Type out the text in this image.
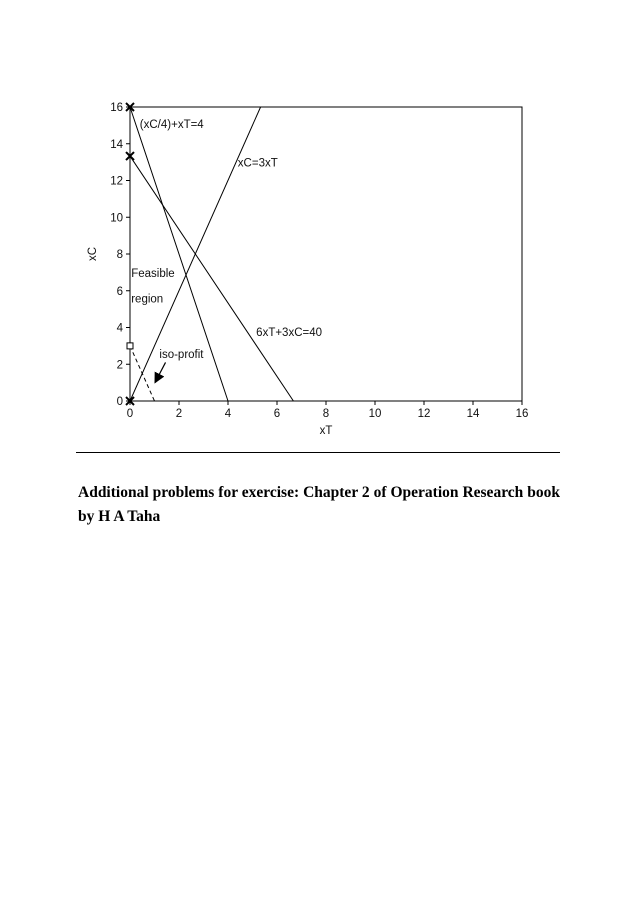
0	2	4	6	8	10	12	14	16
0
2
4
6
8
10
12
14
16
xT
xC
(xC/4)+xT=4
xC=3xT
6xT+3xC=40
Feasible
region
iso-profit

Additional problems for exercise: Chapter 2 of Operation Research book by H A Taha
